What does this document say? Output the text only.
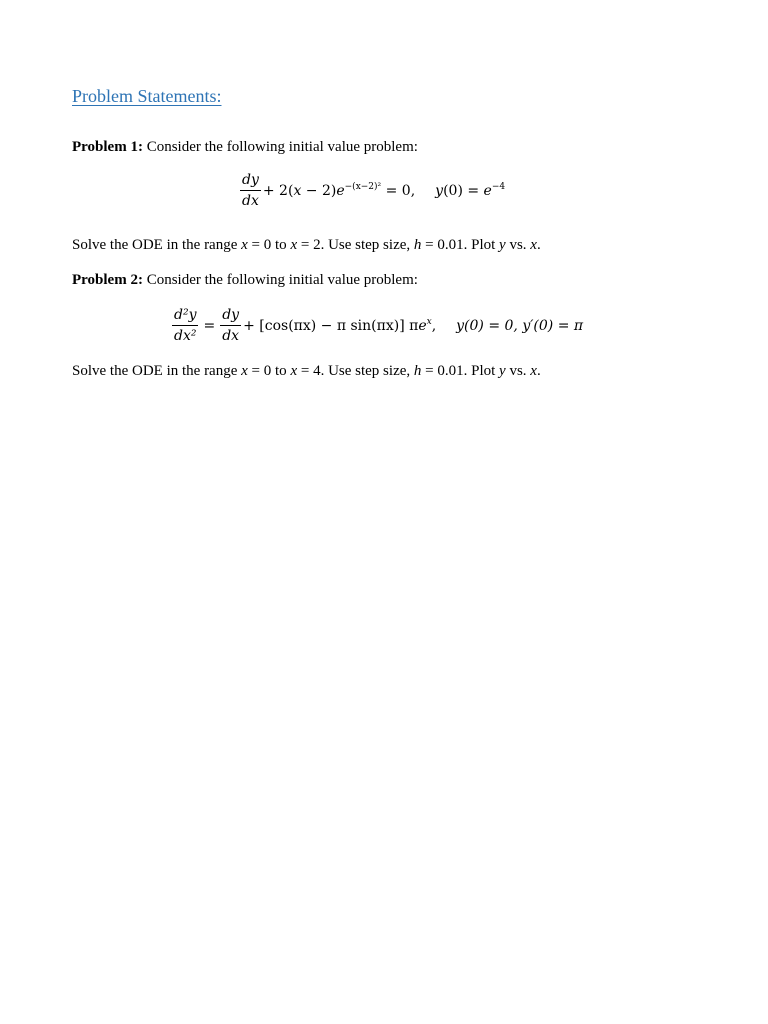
Problem Statements:
Problem 1: Consider the following initial value problem:
$\frac{dy}{dx} + 2(x - 2)e^{-(x-2)^2} = 0$, $y(0) = e^{-4}$
Solve the ODE in the range x = 0 to x = 2. Use step size, h = 0.01. Plot y vs. x.
Problem 2: Consider the following initial value problem:
$\frac{\text{d²y}}{\text{dx²}} = \frac{dy}{dx} + [\cos(\pi x) - \pi$ sin(πx)] $\pi e^x$, y(0) = 0, y′(0) = π
Solve the ODE in the range x = 0 to x = 4. Use step size, h = 0.01. Plot y vs. x.
